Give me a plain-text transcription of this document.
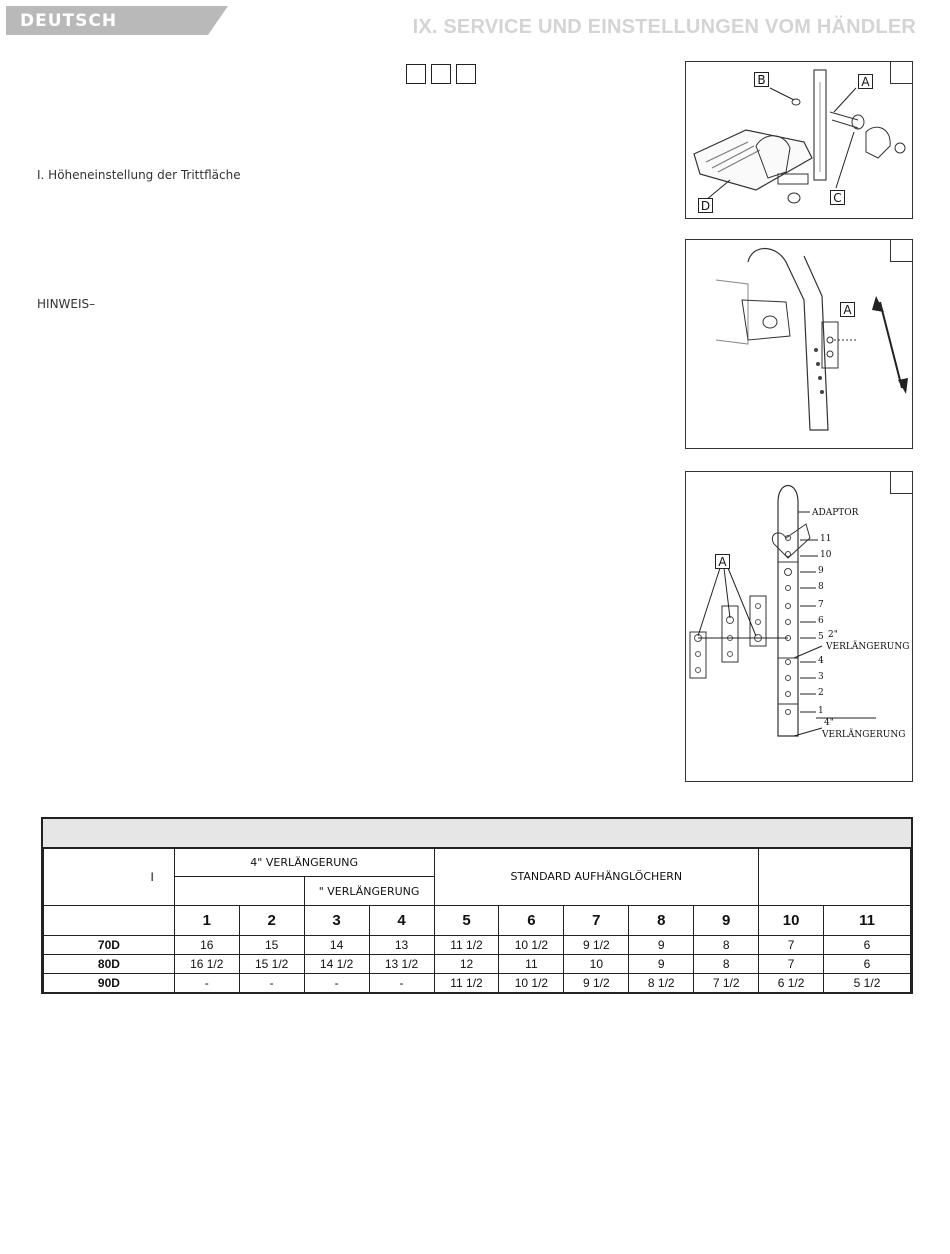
DEUTSCH	IX. SERVICE UND EINSTELLUNGEN VOM HÄNDLER
I. Höheneinstellung der Trittfläche
HINWEIS–
B	A
C
D
A
A
ADAPTOR
11
10
9
8
7
6
5
4
3
2
1
2"
VERLÄNGERUNG
4"
VERLÄNGERUNG
I	4" VERLÄNGERUNG				STANDARD AUFHÄNGLÖCHERN						
			" VERLÄNGERUNG								
	1	2	3	4	5	6	7	8	9	10	11
70D	16	15	14	13	11 1/2	10 1/2	9 1/2	9	8	7	6
80D	16 1/2	15 1/2	14 1/2	13 1/2	12	11	10	9	8	7	6
90D	-	-	-	-	11 1/2	10 1/2	9 1/2	8 1/2	7 1/2	6 1/2	5 1/2
